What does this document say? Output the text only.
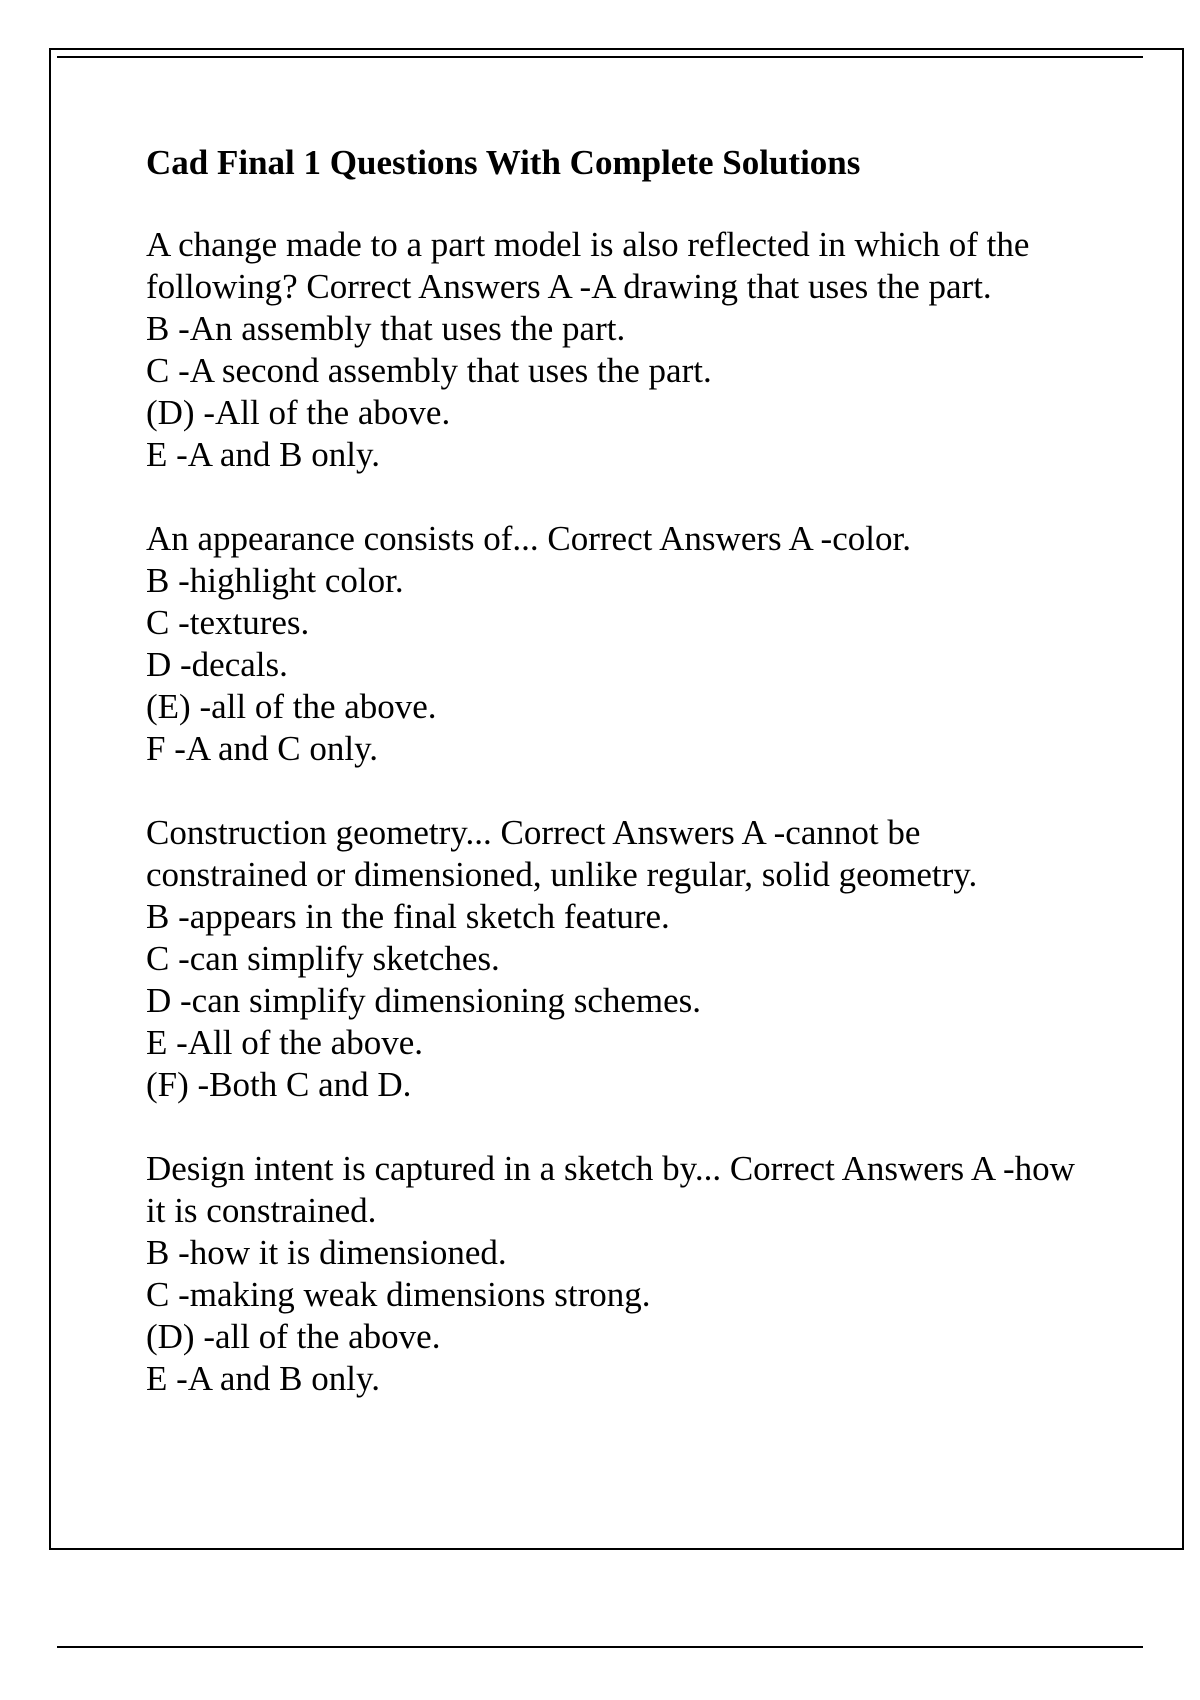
Cad Final 1 Questions With Complete Solutions

A change made to a part model is also reflected in which of the following? Correct Answers A -A drawing that uses the part.

B -An assembly that uses the part.

C -A second assembly that uses the part.

(D) -All of the above.

E -A and B only.

An appearance consists of... Correct Answers A -color.

B -highlight color.

C -textures.

D -decals.

(E) -all of the above.

F -A and C only.

Construction geometry... Correct Answers A -cannot be constrained or dimensioned, unlike regular, solid geometry.

B -appears in the final sketch feature.

C -can simplify sketches.

D -can simplify dimensioning schemes.

E -All of the above.

(F) -Both C and D.

Design intent is captured in a sketch by... Correct Answers A -how it is constrained.

B -how it is dimensioned.

C -making weak dimensions strong.

(D) -all of the above.

E -A and B only.
